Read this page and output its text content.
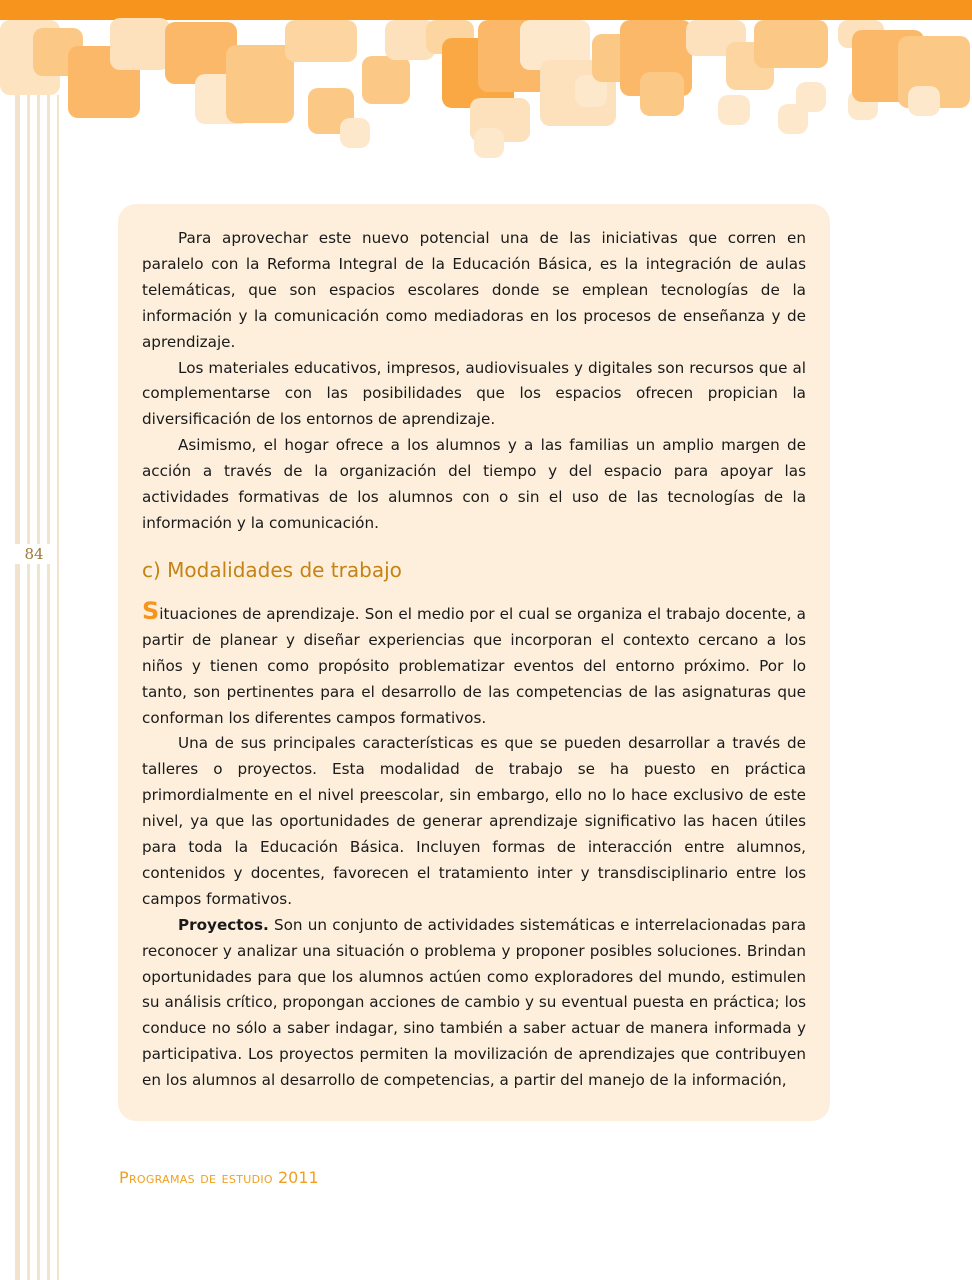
84

Para aprovechar este nuevo potencial una de las iniciativas que corren en paralelo con la Reforma Integral de la Educación Básica, es la integración de aulas telemáticas, que son espacios escolares donde se emplean tecnologías de la información y la comunicación como mediadoras en los procesos de enseñanza y de aprendizaje.

Los materiales educativos, impresos, audiovisuales y digitales son recursos que al complementarse con las posibilidades que los espacios ofrecen propician la diversificación de los entornos de aprendizaje.

Asimismo, el hogar ofrece a los alumnos y a las familias un amplio margen de acción a través de la organización del tiempo y del espacio para apoyar las actividades formativas de los alumnos con o sin el uso de las tecnologías de la información y la comunicación.

c) Modalidades de trabajo

Situaciones de aprendizaje. Son el medio por el cual se organiza el trabajo docente, a partir de planear y diseñar experiencias que incorporan el contexto cercano a los niños y tienen como propósito problematizar eventos del entorno próximo. Por lo tanto, son pertinentes para el desarrollo de las competencias de las asignaturas que conforman los diferentes campos formativos.

Una de sus principales características es que se pueden desarrollar a través de talleres o proyectos. Esta modalidad de trabajo se ha puesto en práctica primordialmente en el nivel preescolar, sin embargo, ello no lo hace exclusivo de este nivel, ya que las oportunidades de generar aprendizaje significativo las hacen útiles para toda la Educación Básica. Incluyen formas de interacción entre alumnos, contenidos y docentes, favorecen el tratamiento inter y transdisciplinario entre los campos formativos.

Proyectos. Son un conjunto de actividades sistemáticas e interrelacionadas para reconocer y analizar una situación o problema y proponer posibles soluciones. Brindan oportunidades para que los alumnos actúen como exploradores del mundo, estimulen su análisis crítico, propongan acciones de cambio y su eventual puesta en práctica; los conduce no sólo a saber indagar, sino también a saber actuar de manera informada y participativa. Los proyectos permiten la movilización de aprendizajes que contribuyen en los alumnos al desarrollo de competencias, a partir del manejo de la información,

Programas de estudio 2011
